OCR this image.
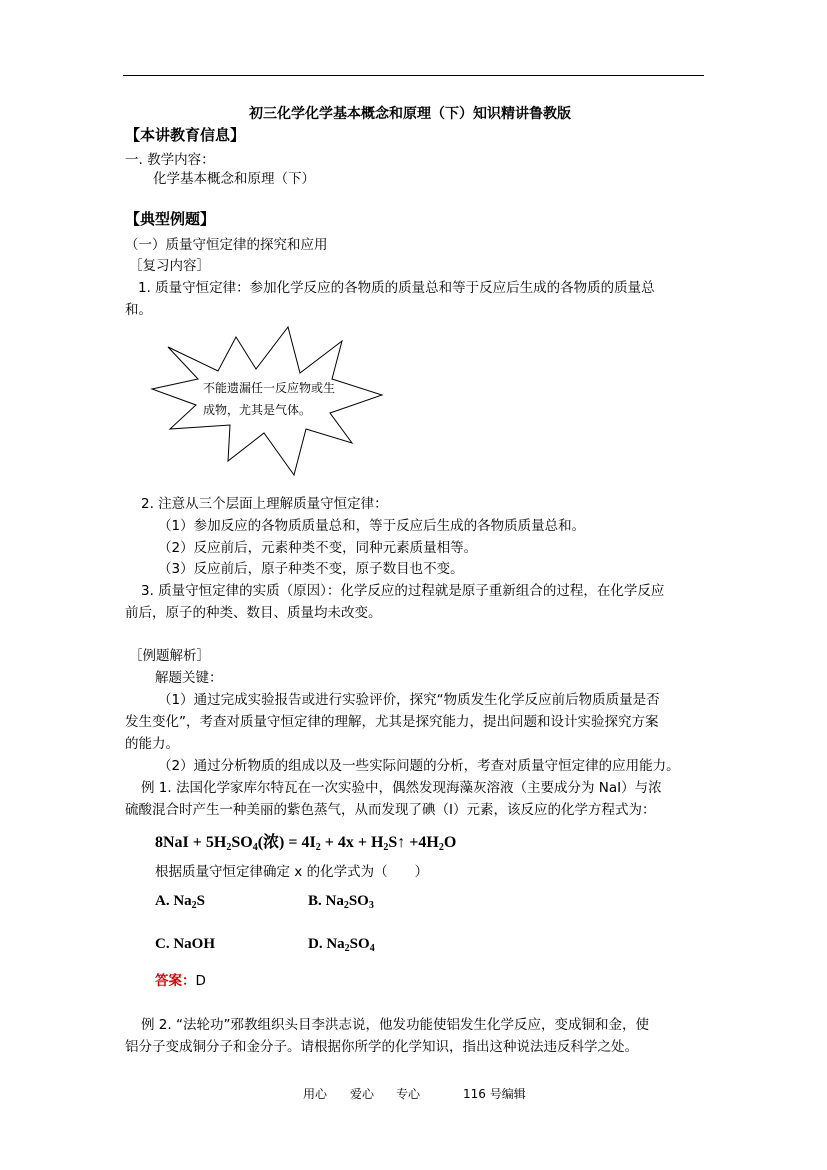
初三化学化学基本概念和原理（下）知识精讲鲁教版
【本讲教育信息】
一. 教学内容：
化学基本概念和原理（下）
【典型例题】
（一）质量守恒定律的探究和应用
［复习内容］
1. 质量守恒定律：参加化学反应的各物质的质量总和等于反应后生成的各物质的质量总
和。
不能遗漏任一反应物或生
成物，尤其是气体。
2. 注意从三个层面上理解质量守恒定律：
（1）参加反应的各物质质量总和，等于反应后生成的各物质质量总和。
（2）反应前后，元素种类不变，同种元素质量相等。
（3）反应前后，原子种类不变，原子数目也不变。
3. 质量守恒定律的实质（原因）：化学反应的过程就是原子重新组合的过程，在化学反应
前后，原子的种类、数目、质量均未改变。
［例题解析］
解题关键：
（1）通过完成实验报告或进行实验评价，探究“物质发生化学反应前后物质质量是否
发生变化”，考查对质量守恒定律的理解，尤其是探究能力，提出问题和设计实验探究方案
的能力。
（2）通过分析物质的组成以及一些实际问题的分析，考查对质量守恒定律的应用能力。
例 1. 法国化学家库尔特瓦在一次实验中，偶然发现海藻灰溶液（主要成分为 NaI）与浓
硫酸混合时产生一种美丽的紫色蒸气，从而发现了碘（I）元素，该反应的化学方程式为：
$8NaI + 5H_2SO_4$(浓) = $4I_2 + 4x$ + $H_2S↑ +4H_2O$
根据质量守恒定律确定 x 的化学式为（　　）
A. $Na_2S$	B. $Na_2SO_3$
C. NaOH	D. $Na_2SO_4$
答案：D
例 2. “法轮功”邪教组织头目李洪志说，他发功能使铝发生化学反应，变成铜和金，使
铝分子变成铜分子和金分子。请根据你所学的化学知识，指出这种说法违反科学之处。
用心 爱心 专心	116 号编辑
